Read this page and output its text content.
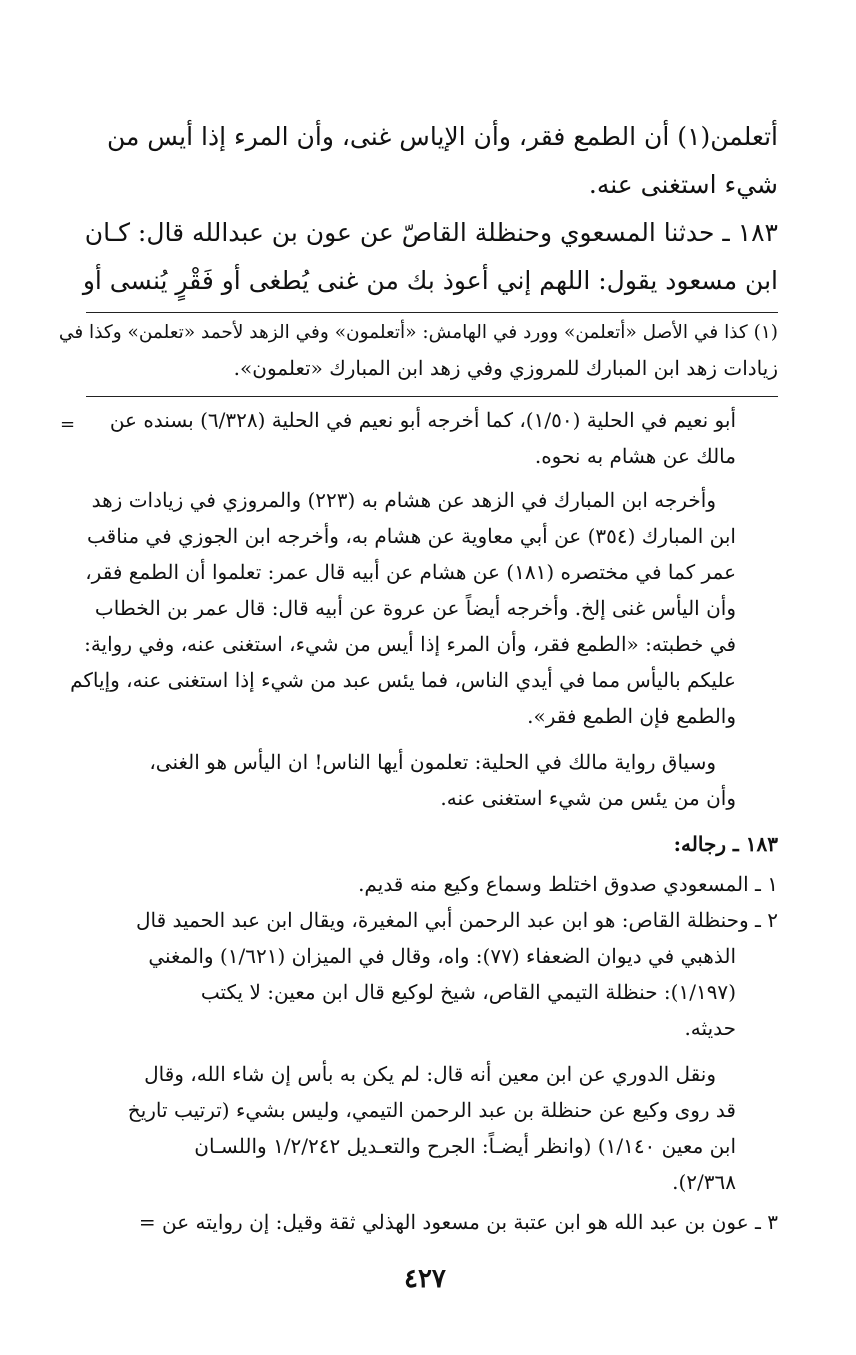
أتعلمن(١) أن الطمع فقر، وأن الإياس غنى، وأن المرء إذا أيس من
شيء استغنى عنه.
١٨٣ ـ حدثنا المسعوي وحنظلة القاصّ عن عون بن عبدالله قال: كـان
ابن مسعود يقول: اللهم إني أعوذ بك من غنى يُطغى أو فَقْرٍ يُنسى أو
(١) كذا في الأصل «أتعلمن» وورد في الهامش: «أتعلمون» وفي الزهد لأحمد «تعلمن» وكذا في
زيادات زهد ابن المبارك للمروزي وفي زهد ابن المبارك «تعلمون».
= أبو نعيم في الحلية (١/٥٠)، كما أخرجه أبو نعيم في الحلية (٦/٣٢٨) بسنده عن
مالك عن هشام به نحوه.
وأخرجه ابن المبارك في الزهد عن هشام به (٢٢٣) والمروزي في زيادات زهد
ابن المبارك (٣٥٤) عن أبي معاوية عن هشام به، وأخرجه ابن الجوزي في مناقب
عمر كما في مختصره (١٨١) عن هشام عن أبيه قال عمر: تعلموا أن الطمع فقر،
وأن اليأس غنى إلخ. وأخرجه أيضاً عن عروة عن أبيه قال: قال عمر بن الخطاب
في خطبته: «الطمع فقر، وأن المرء إذا أيس من شيء، استغنى عنه، وفي رواية:
عليكم باليأس مما في أيدي الناس، فما يئس عبد من شيء إذا استغنى عنه، وإياكم
والطمع فإن الطمع فقر».
وسياق رواية مالك في الحلية: تعلمون أيها الناس! ان اليأس هو الغنى،
وأن من يئس من شيء استغنى عنه.
١٨٣ ـ رجاله:
١ ـ المسعودي صدوق اختلط وسماع وكيع منه قديم.
٢ ـ وحنظلة القاص: هو ابن عبد الرحمن أبي المغيرة، ويقال ابن عبد الحميد قال
الذهبي في ديوان الضعفاء (٧٧): واه، وقال في الميزان (١/٦٢١) والمغني
(١/١٩٧): حنظلة التيمي القاص، شيخ لوكيع قال ابن معين: لا يكتب
حديثه.
ونقل الدوري عن ابن معين أنه قال: لم يكن به بأس إن شاء الله، وقال
قد روى وكيع عن حنظلة بن عبد الرحمن التيمي، وليس بشيء (ترتيب تاريخ
ابن معين ١/١٤٠) (وانظر أيضـاً: الجرح والتعـديل ١/٢/٢٤٢ واللسـان
٢/٣٦٨).
٣ ـ عون بن عبد الله هو ابن عتبة بن مسعود الهذلي ثقة وقيل: إن روايته عن =
٤٢٧
